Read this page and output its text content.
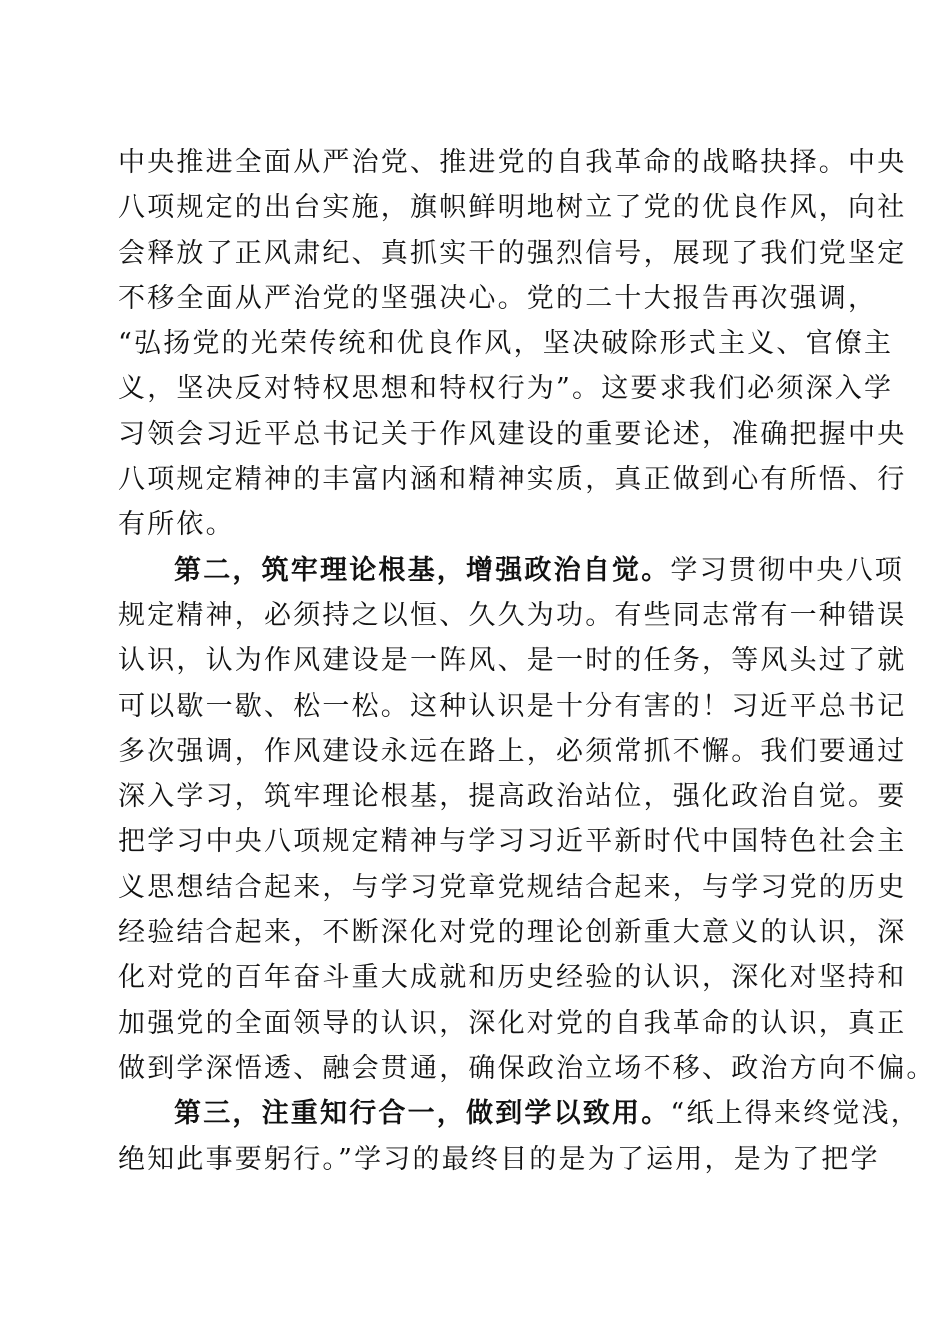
中央推进全面从严治党、推进党的自我革命的战略抉择。中央
八项规定的出台实施，旗帜鲜明地树立了党的优良作风，向社
会释放了正风肃纪、真抓实干的强烈信号，展现了我们党坚定
不移全面从严治党的坚强决心。党的二十大报告再次强调，
“弘扬党的光荣传统和优良作风，坚决破除形式主义、官僚主
义，坚决反对特权思想和特权行为”。这要求我们必须深入学
习领会习近平总书记关于作风建设的重要论述，准确把握中央
八项规定精神的丰富内涵和精神实质，真正做到心有所悟、行
有所依。
第二，筑牢理论根基，增强政治自觉。学习贯彻中央八项
规定精神，必须持之以恒、久久为功。有些同志常有一种错误
认识，认为作风建设是一阵风、是一时的任务，等风头过了就
可以歇一歇、松一松。这种认识是十分有害的！习近平总书记
多次强调，作风建设永远在路上，必须常抓不懈。我们要通过
深入学习，筑牢理论根基，提高政治站位，强化政治自觉。要
把学习中央八项规定精神与学习习近平新时代中国特色社会主
义思想结合起来，与学习党章党规结合起来，与学习党的历史
经验结合起来，不断深化对党的理论创新重大意义的认识，深
化对党的百年奋斗重大成就和历史经验的认识，深化对坚持和
加强党的全面领导的认识，深化对党的自我革命的认识，真正
做到学深悟透、融会贯通，确保政治立场不移、政治方向不偏。
第三，注重知行合一，做到学以致用。“纸上得来终觉浅，
绝知此事要躬行。”学习的最终目的是为了运用，是为了把学
